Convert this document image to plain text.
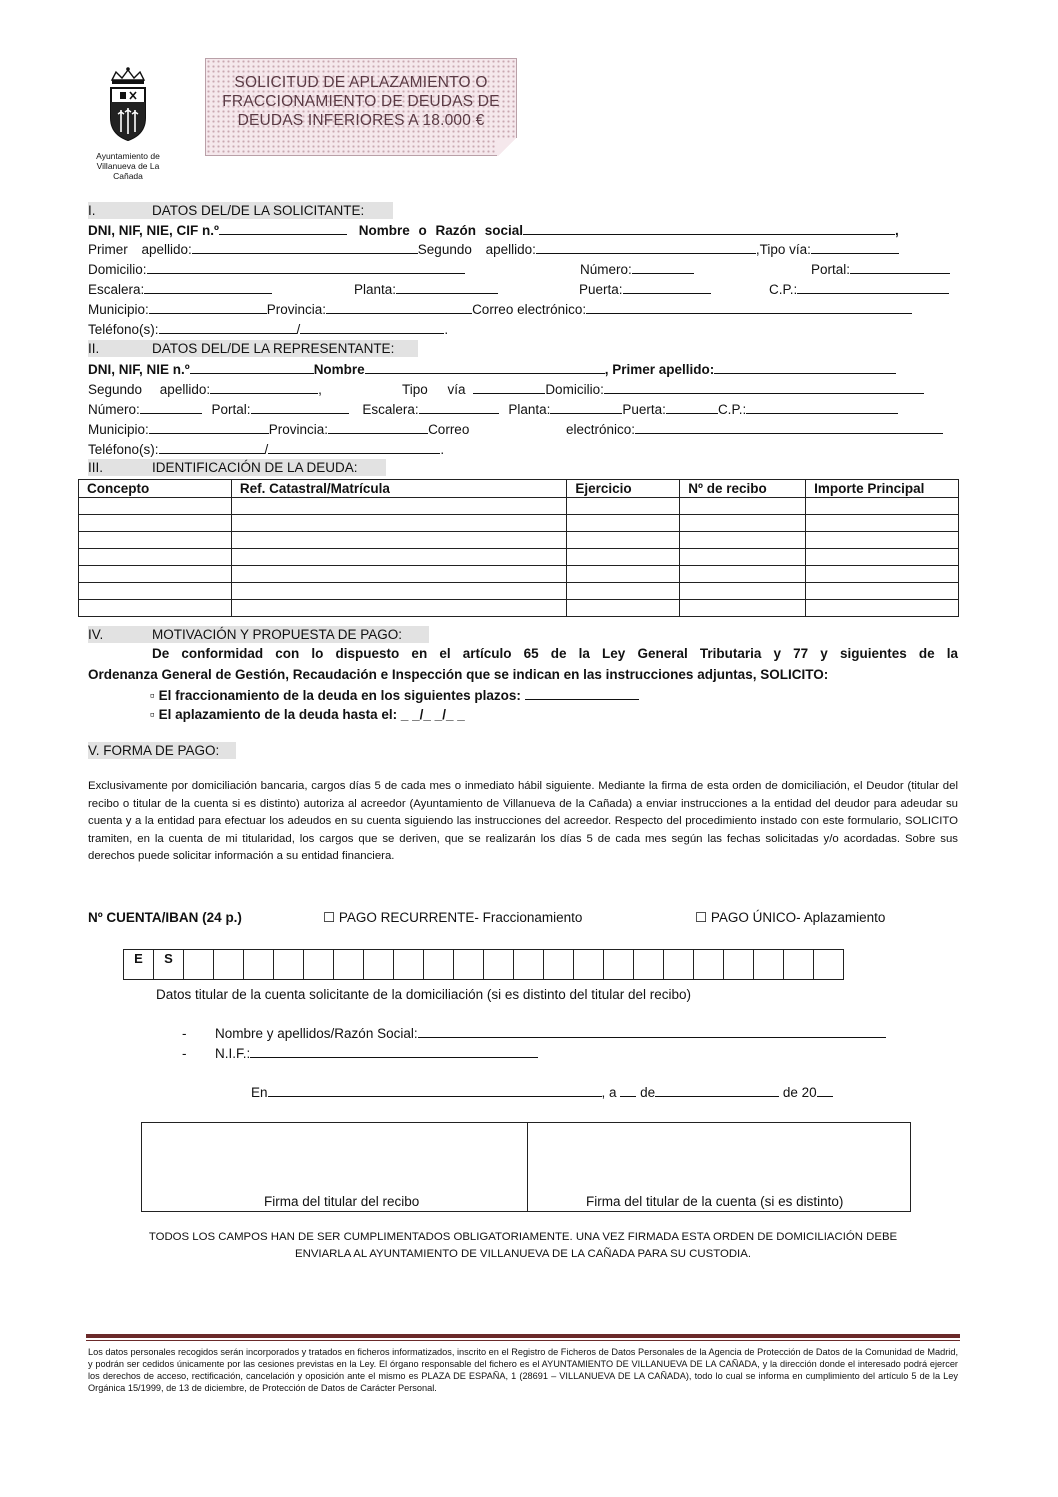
Ayuntamiento de
Villanueva de La Cañada
SOLICITUD DE APLAZAMIENTO O
FRACCIONAMIENTO DE DEUDAS DE
DEUDAS INFERIORES A 18.000 €
I.	DATOS DEL/DE LA SOLICITANTE:
DNI, NIF, NIE, CIF n.º	Nombre o Razón social	,
Primer apellido:	Segundo apellido:	,Tipo vía:
Domicilio:	Número:	Portal:
Escalera:	Planta:	Puerta:	C.P.:
Municipio:	Provincia:	Correo electrónico:
Teléfono(s):	/	.
II.	DATOS DEL/DE LA REPRESENTANTE:
DNI, NIF, NIE n.º	Nombre	, Primer apellido:
Segundo apellido:	,	Tipo vía	Domicilio:
Número:	Portal:	Escalera:	Planta:	Puerta:	C.P.:
Municipio:	Provincia:	Correo	electrónico:
Teléfono(s):	/	.
III.	IDENTIFICACIÓN DE LA DEUDA:
Concepto	Ref. Catastral/Matrícula	Ejercicio	Nº de recibo	Importe Principal

IV.	MOTIVACIÓN Y PROPUESTA DE PAGO:
De conformidad con lo dispuesto en el artículo 65 de la Ley General Tributaria y 77 y siguientes de la
Ordenanza General de Gestión, Recaudación e Inspección que se indican en las instrucciones adjuntas, SOLICITO:
▫ El fraccionamiento de la deuda en los siguientes plazos:
▫ El aplazamiento de la deuda hasta el: _ _/_ _/_ _
V. FORMA DE PAGO:
Exclusivamente por domiciliación bancaria, cargos días 5 de cada mes o inmediato hábil siguiente. Mediante la firma de esta orden de domiciliación, el Deudor (titular del recibo o titular de la cuenta si es distinto) autoriza al acreedor (Ayuntamiento de Villanueva de la Cañada) a enviar instrucciones a la entidad del deudor para adeudar su cuenta y a la entidad para efectuar los adeudos en su cuenta siguiendo las instrucciones del acreedor. Respecto del procedimiento instado con este formulario, SOLICITO tramiten, en la cuenta de mi titularidad, los cargos que se deriven, que se realizarán los días 5 de cada mes según las fechas solicitadas y/o acordadas. Sobre sus derechos puede solicitar información a su entidad financiera.
Nº CUENTA/IBAN (24 p.)	☐ PAGO RECURRENTE- Fraccionamiento	☐ PAGO ÚNICO- Aplazamiento
E	S
Datos titular de la cuenta solicitante de la domiciliación (si es distinto del titular del recibo)
- Nombre y apellidos/Razón Social:
- N.I.F.:
En	, a de	de 20
Firma del titular del recibo	Firma del titular de la cuenta (si es distinto)
TODOS LOS CAMPOS HAN DE SER CUMPLIMENTADOS OBLIGATORIAMENTE. UNA VEZ FIRMADA ESTA ORDEN DE DOMICILIACIÓN DEBE
ENVIARLA AL AYUNTAMIENTO DE VILLANUEVA DE LA CAÑADA PARA SU CUSTODIA.
Los datos personales recogidos serán incorporados y tratados en ficheros informatizados, inscrito en el Registro de Ficheros de Datos Personales de la Agencia de Protección de Datos de la Comunidad de Madrid, y podrán ser cedidos únicamente por las cesiones previstas en la Ley. El órgano responsable del fichero es el AYUNTAMIENTO DE VILLANUEVA DE LA CAÑADA, y la dirección donde el interesado podrá ejercer los derechos de acceso, rectificación, cancelación y oposición ante el mismo es PLAZA DE ESPAÑA, 1 (28691 – VILLANUEVA DE LA CAÑADA), todo lo cual se informa en cumplimiento del artículo 5 de la Ley Orgánica 15/1999, de 13 de diciembre, de Protección de Datos de Carácter Personal.
